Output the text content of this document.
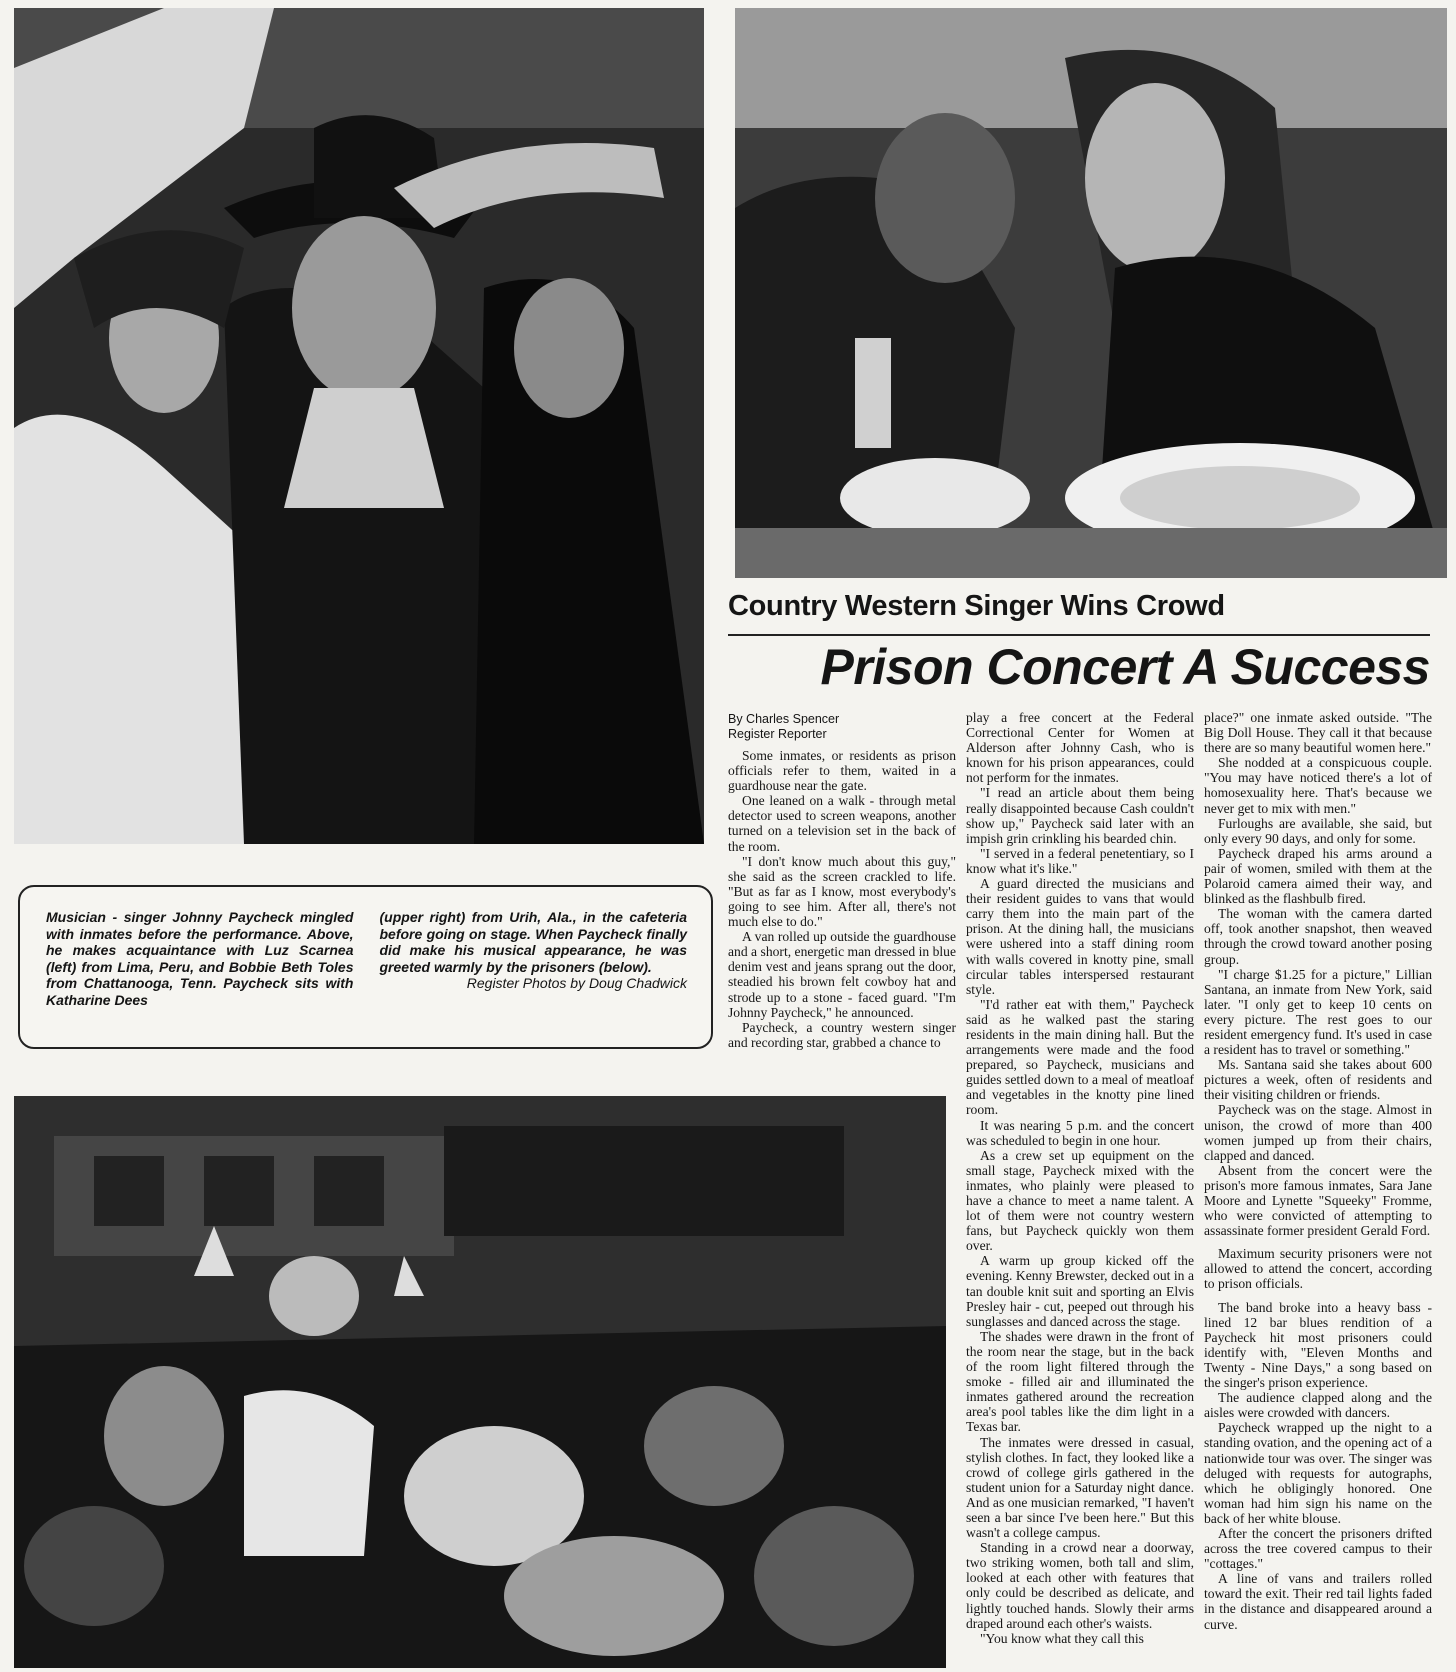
Country Western Singer Wins Crowd
Prison Concert A Success
Musician - singer Johnny Paycheck mingled with inmates before the performance. Above, he makes acquaintance with Luz Scarnea (left) from Lima, Peru, and Bobbie Beth Toles from Chattanooga, Tenn. Paycheck sits with Katharine Dees
(upper right) from Urih, Ala., in the cafeteria before going on stage. When Paycheck finally did make his musical appearance, he was greeted warmly by the prisoners (below).
Register Photos by Doug Chadwick
By Charles Spencer
Register Reporter

Some inmates, or residents as prison officials refer to them, waited in a guardhouse near the gate.

One leaned on a walk - through metal detector used to screen weapons, another turned on a television set in the back of the room.

"I don't know much about this guy," she said as the screen crackled to life. "But as far as I know, most everybody's going to see him. After all, there's not much else to do."

A van rolled up outside the guardhouse and a short, energetic man dressed in blue denim vest and jeans sprang out the door, steadied his brown felt cowboy hat and strode up to a stone - faced guard. "I'm Johnny Paycheck," he announced.

Paycheck, a country western singer and recording star, grabbed a chance to

play a free concert at the Federal Correctional Center for Women at Alderson after Johnny Cash, who is known for his prison appearances, could not perform for the inmates.

"I read an article about them being really disappointed because Cash couldn't show up," Paycheck said later with an impish grin crinkling his bearded chin.

"I served in a federal penetentiary, so I know what it's like."

A guard directed the musicians and their resident guides to vans that would carry them into the main part of the prison. At the dining hall, the musicians were ushered into a staff dining room with walls covered in knotty pine, small circular tables interspersed restaurant style.

"I'd rather eat with them," Paycheck said as he walked past the staring residents in the main dining hall. But the arrangements were made and the food prepared, so Paycheck, musicians and guides settled down to a meal of meatloaf and vegetables in the knotty pine lined room.

It was nearing 5 p.m. and the concert was scheduled to begin in one hour.

As a crew set up equipment on the small stage, Paycheck mixed with the inmates, who plainly were pleased to have a chance to meet a name talent. A lot of them were not country western fans, but Paycheck quickly won them over.

A warm up group kicked off the evening. Kenny Brewster, decked out in a tan double knit suit and sporting an Elvis Presley hair - cut, peeped out through his sunglasses and danced across the stage.

The shades were drawn in the front of the room near the stage, but in the back of the room light filtered through the smoke - filled air and illuminated the inmates gathered around the recreation area's pool tables like the dim light in a Texas bar.

The inmates were dressed in casual, stylish clothes. In fact, they looked like a crowd of college girls gathered in the student union for a Saturday night dance. And as one musician remarked, "I haven't seen a bar since I've been here." But this wasn't a college campus.

Standing in a crowd near a doorway, two striking women, both tall and slim, looked at each other with features that only could be described as delicate, and lightly touched hands. Slowly their arms draped around each other's waists.

"You know what they call this

place?" one inmate asked outside. "The Big Doll House. They call it that because there are so many beautiful women here."

She nodded at a conspicuous couple. "You may have noticed there's a lot of homosexuality here. That's because we never get to mix with men."

Furloughs are available, she said, but only every 90 days, and only for some.

Paycheck draped his arms around a pair of women, smiled with them at the Polaroid camera aimed their way, and blinked as the flashbulb fired.

The woman with the camera darted off, took another snapshot, then weaved through the crowd toward another posing group.

"I charge $1.25 for a picture," Lillian Santana, an inmate from New York, said later. "I only get to keep 10 cents on every picture. The rest goes to our resident emergency fund. It's used in case a resident has to travel or something."

Ms. Santana said she takes about 600 pictures a week, often of residents and their visiting children or friends.

Paycheck was on the stage. Almost in unison, the crowd of more than 400 women jumped up from their chairs, clapped and danced.

Absent from the concert were the prison's more famous inmates, Sara Jane Moore and Lynette "Squeeky" Fromme, who were convicted of attempting to assassinate former president Gerald Ford.

Maximum security prisoners were not allowed to attend the concert, according to prison officials.

The band broke into a heavy bass - lined 12 bar blues rendition of a Paycheck hit most prisoners could identify with, "Eleven Months and Twenty - Nine Days," a song based on the singer's prison experience.

The audience clapped along and the aisles were crowded with dancers.

Paycheck wrapped up the night to a standing ovation, and the opening act of a nationwide tour was over. The singer was deluged with requests for autographs, which he obligingly honored. One woman had him sign his name on the back of her white blouse.

After the concert the prisoners drifted across the tree covered campus to their "cottages."

A line of vans and trailers rolled toward the exit. Their red tail lights faded in the distance and disappeared around a curve.
